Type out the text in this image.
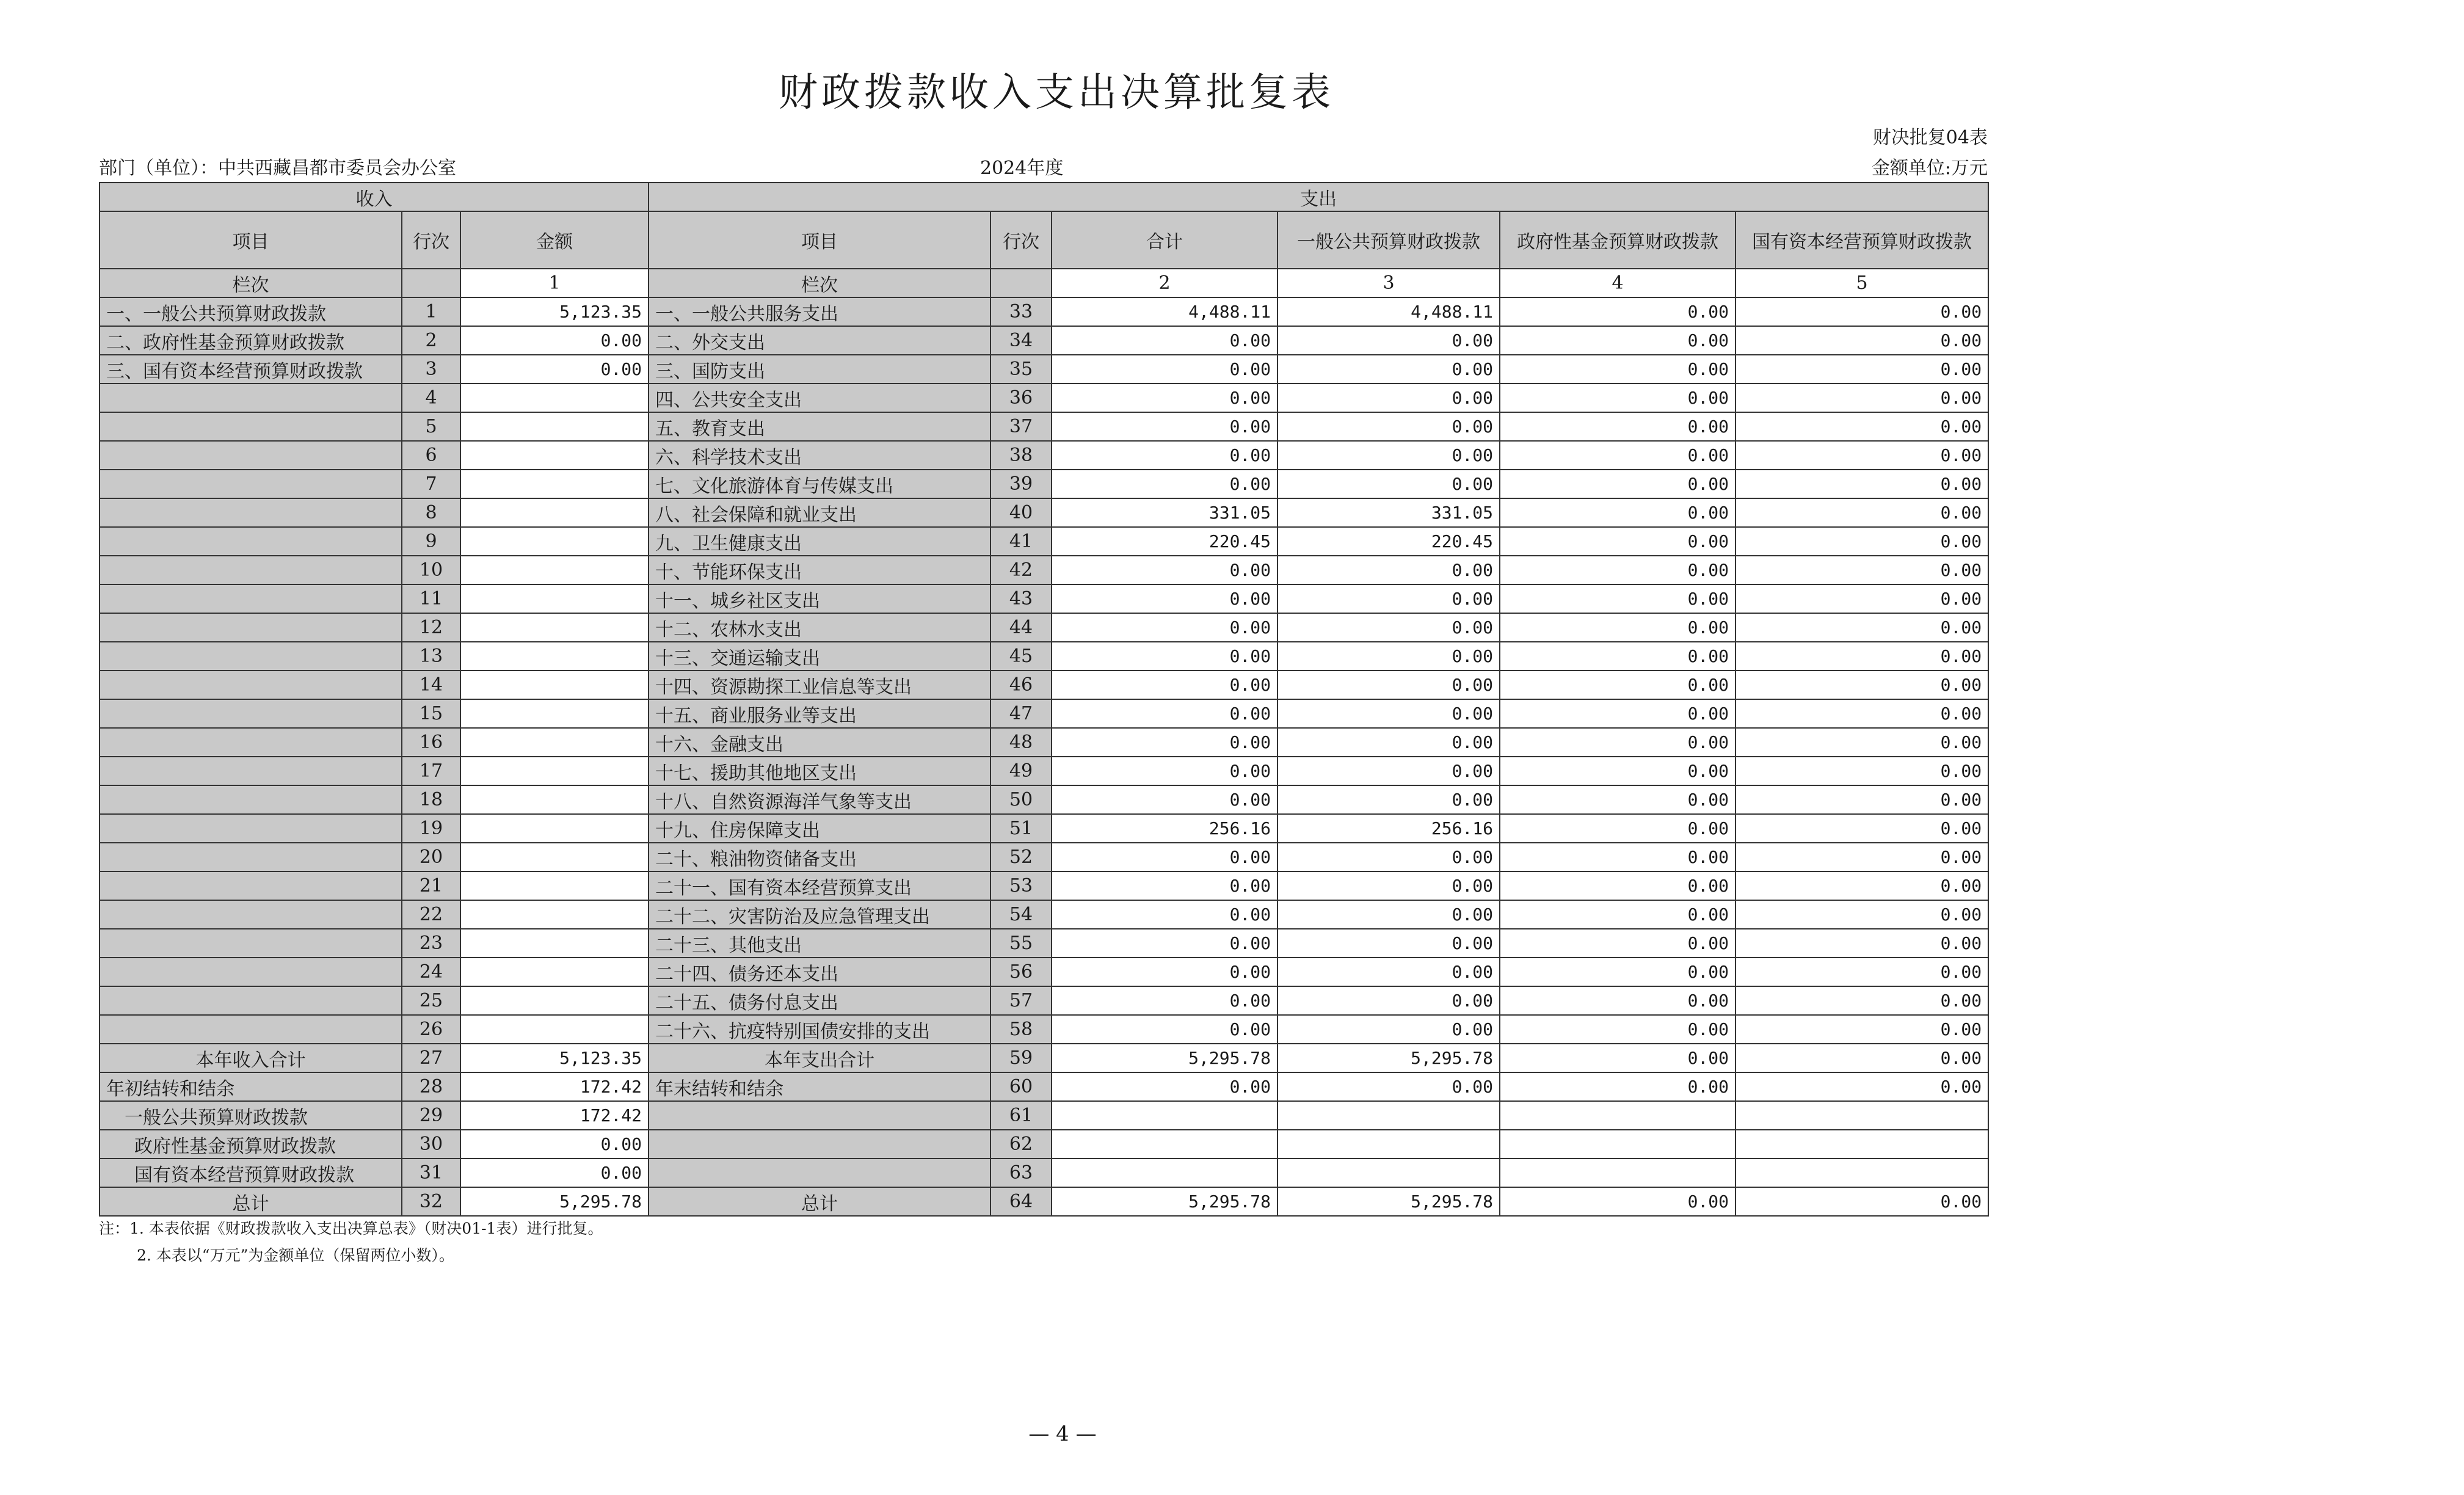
财政拨款收入支出决算批复表
财决批复04表
部门（单位）：中共西藏昌都市委员会办公室	2024年度	金额单位:万元
收入			支出					
项目	行次	金额	项目	行次	合计	一般公共预算财政拨款	政府性基金预算财政拨款	国有资本经营预算财政拨款
栏次		1	栏次		2	3	4	5
一、一般公共预算财政拨款	1	5,123.35	一、一般公共服务支出	33	4,488.11	4,488.11	0.00	0.00
二、政府性基金预算财政拨款	2	0.00	二、外交支出	34	0.00	0.00	0.00	0.00
三、国有资本经营预算财政拨款	3	0.00	三、国防支出	35	0.00	0.00	0.00	0.00
	4		四、公共安全支出	36	0.00	0.00	0.00	0.00
	5		五、教育支出	37	0.00	0.00	0.00	0.00
	6		六、科学技术支出	38	0.00	0.00	0.00	0.00
	7		七、文化旅游体育与传媒支出	39	0.00	0.00	0.00	0.00
	8		八、社会保障和就业支出	40	331.05	331.05	0.00	0.00
	9		九、卫生健康支出	41	220.45	220.45	0.00	0.00
	10		十、节能环保支出	42	0.00	0.00	0.00	0.00
	11		十一、城乡社区支出	43	0.00	0.00	0.00	0.00
	12		十二、农林水支出	44	0.00	0.00	0.00	0.00
	13		十三、交通运输支出	45	0.00	0.00	0.00	0.00
	14		十四、资源勘探工业信息等支出	46	0.00	0.00	0.00	0.00
	15		十五、商业服务业等支出	47	0.00	0.00	0.00	0.00
	16		十六、金融支出	48	0.00	0.00	0.00	0.00
	17		十七、援助其他地区支出	49	0.00	0.00	0.00	0.00
	18		十八、自然资源海洋气象等支出	50	0.00	0.00	0.00	0.00
	19		十九、住房保障支出	51	256.16	256.16	0.00	0.00
	20		二十、粮油物资储备支出	52	0.00	0.00	0.00	0.00
	21		二十一、国有资本经营预算支出	53	0.00	0.00	0.00	0.00
	22		二十二、灾害防治及应急管理支出	54	0.00	0.00	0.00	0.00
	23		二十三、其他支出	55	0.00	0.00	0.00	0.00
	24		二十四、债务还本支出	56	0.00	0.00	0.00	0.00
	25		二十五、债务付息支出	57	0.00	0.00	0.00	0.00
	26		二十六、抗疫特别国债安排的支出	58	0.00	0.00	0.00	0.00
本年收入合计	27	5,123.35	本年支出合计	59	5,295.78	5,295.78	0.00	0.00
年初结转和结余	28	172.42	年末结转和结余	60	0.00	0.00	0.00	0.00
一般公共预算财政拨款	29	172.42		61				
政府性基金预算财政拨款	30	0.00		62				
国有资本经营预算财政拨款	31	0.00		63				
总计	32	5,295.78	总计	64	5,295.78	5,295.78	0.00	0.00
注：1. 本表依据《财政拨款收入支出决算总表》（财决01-1表）进行批复。
2. 本表以“万元”为金额单位（保留两位小数）。
— 4 —
